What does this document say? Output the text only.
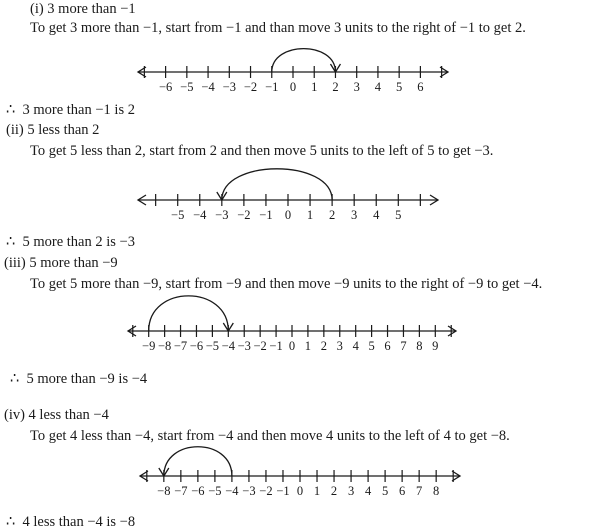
(i) 3 more than −1
To get 3 more than −1, start from −1 and than move 3 units to the right of −1 to get 2.
−6 −5 −4 −3 −2 −1 0 1 2 3 4 5 6
∴ 3 more than −1 is 2
(ii) 5 less than 2
To get 5 less than 2, start from 2 and then move 5 units to the left of 5 to get −3.
−5 −4 −3 −2 −1 0 1 2 3 4 5
∴ 5 more than 2 is −3
(iii) 5 more than −9
To get 5 more than −9, start from −9 and then move −9 units to the right of −9 to get −4.
−9 −8 −7 −6 −5 −4 −3 −2 −1 0 1 2 3 4 5 6 7 8 9
∴ 5 more than −9 is −4
(iv) 4 less than −4
To get 4 less than −4, start from −4 and then move 4 units to the left of 4 to get −8.
−8 −7 −6 −5 −4 −3 −2 −1 0 1 2 3 4 5 6 7 8
∴ 4 less than −4 is −8
